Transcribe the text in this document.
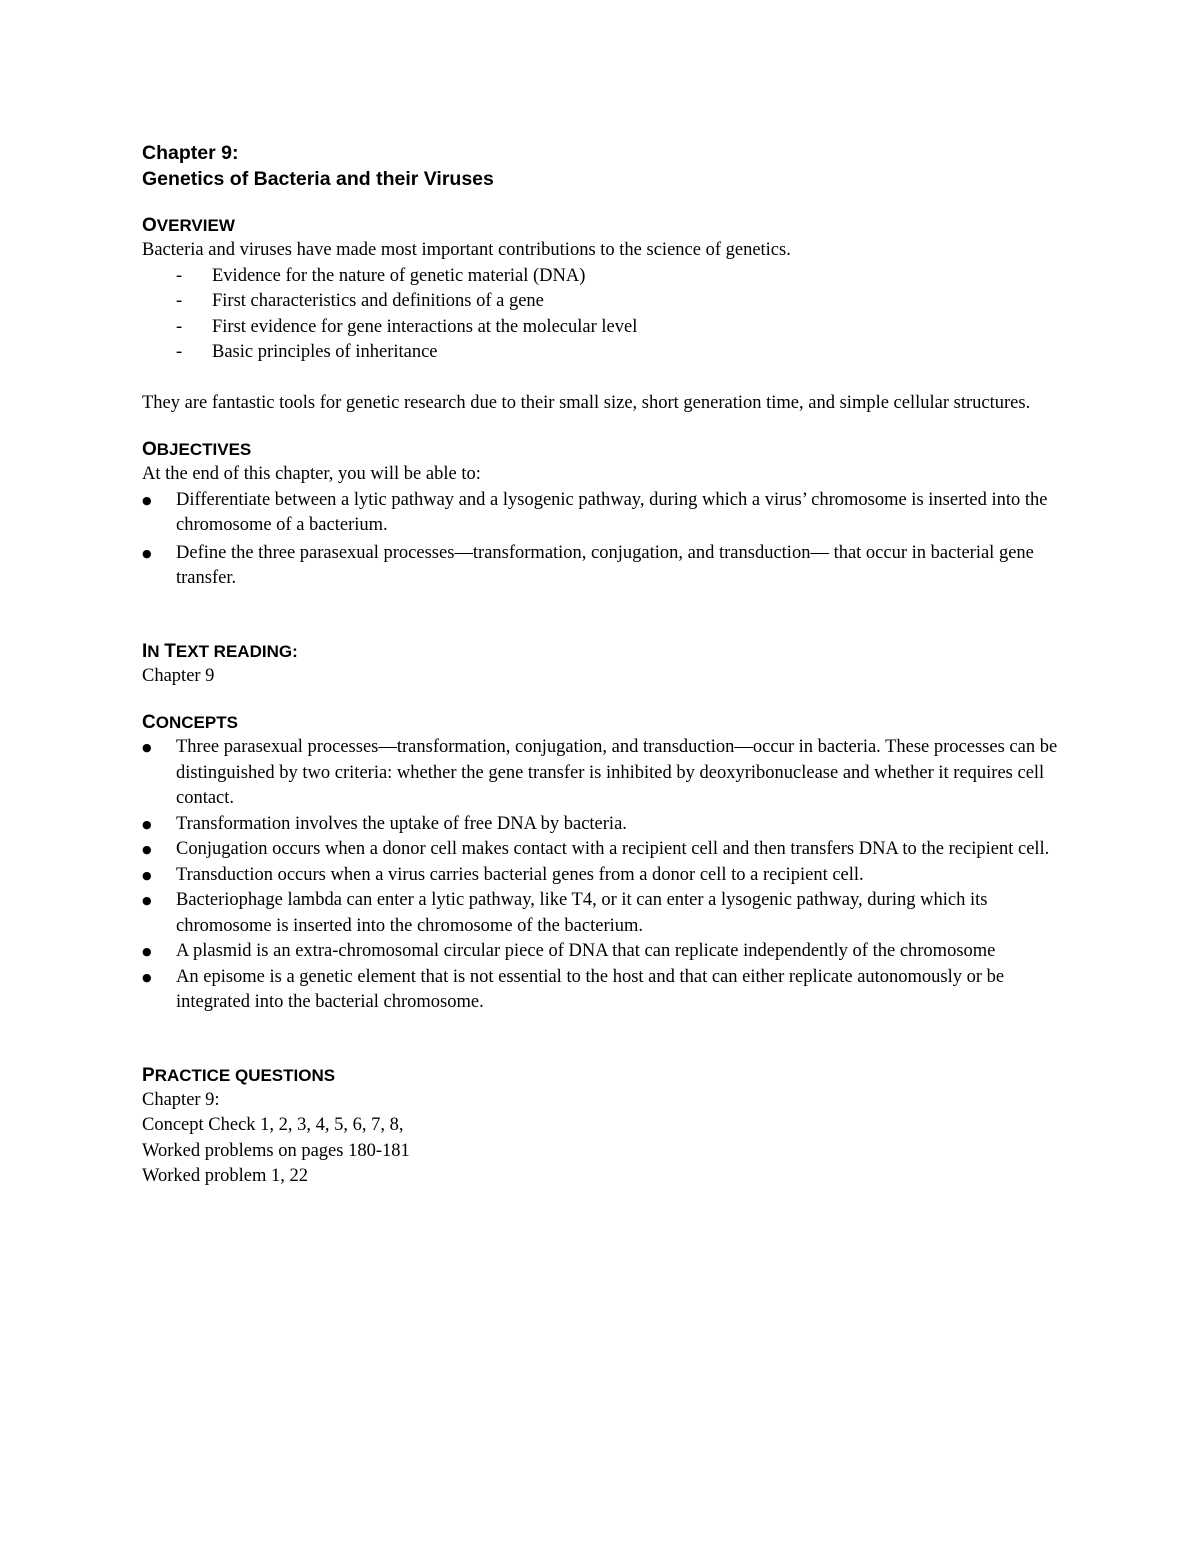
Chapter 9:
Genetics of Bacteria and their Viruses
OVERVIEW

Bacteria and viruses have made most important contributions to the science of genetics.

- Evidence for the nature of genetic material (DNA)
- First characteristics and definitions of a gene
- First evidence for gene interactions at the molecular level
- Basic principles of inheritance

They are fantastic tools for genetic research due to their small size, short generation time, and simple cellular structures.

OBJECTIVES

At the end of this chapter, you will be able to:

● Differentiate between a lytic pathway and a lysogenic pathway, during which a virus’ chromosome is inserted into the chromosome of a bacterium.
● Define the three parasexual processes—transformation, conjugation, and transduction— that occur in bacterial gene transfer.
IN TEXT READING:

Chapter 9

CONCEPTS
● Three parasexual processes—transformation, conjugation, and transduction—occur in bacteria. These processes can be distinguished by two criteria: whether the gene transfer is inhibited by deoxyribonuclease and whether it requires cell contact.
● Transformation involves the uptake of free DNA by bacteria.
● Conjugation occurs when a donor cell makes contact with a recipient cell and then transfers DNA to the recipient cell.
● Transduction occurs when a virus carries bacterial genes from a donor cell to a recipient cell.
● Bacteriophage lambda can enter a lytic pathway, like T4, or it can enter a lysogenic pathway, during which its chromosome is inserted into the chromosome of the bacterium.
● A plasmid is an extra-chromosomal circular piece of DNA that can replicate independently of the chromosome
● An episome is a genetic element that is not essential to the host and that can either replicate autonomously or be integrated into the bacterial chromosome.
PRACTICE QUESTIONS

Chapter 9:

Concept Check 1, 2, 3, 4, 5, 6, 7, 8,

Worked problems on pages 180-181

Worked problem 1, 22
